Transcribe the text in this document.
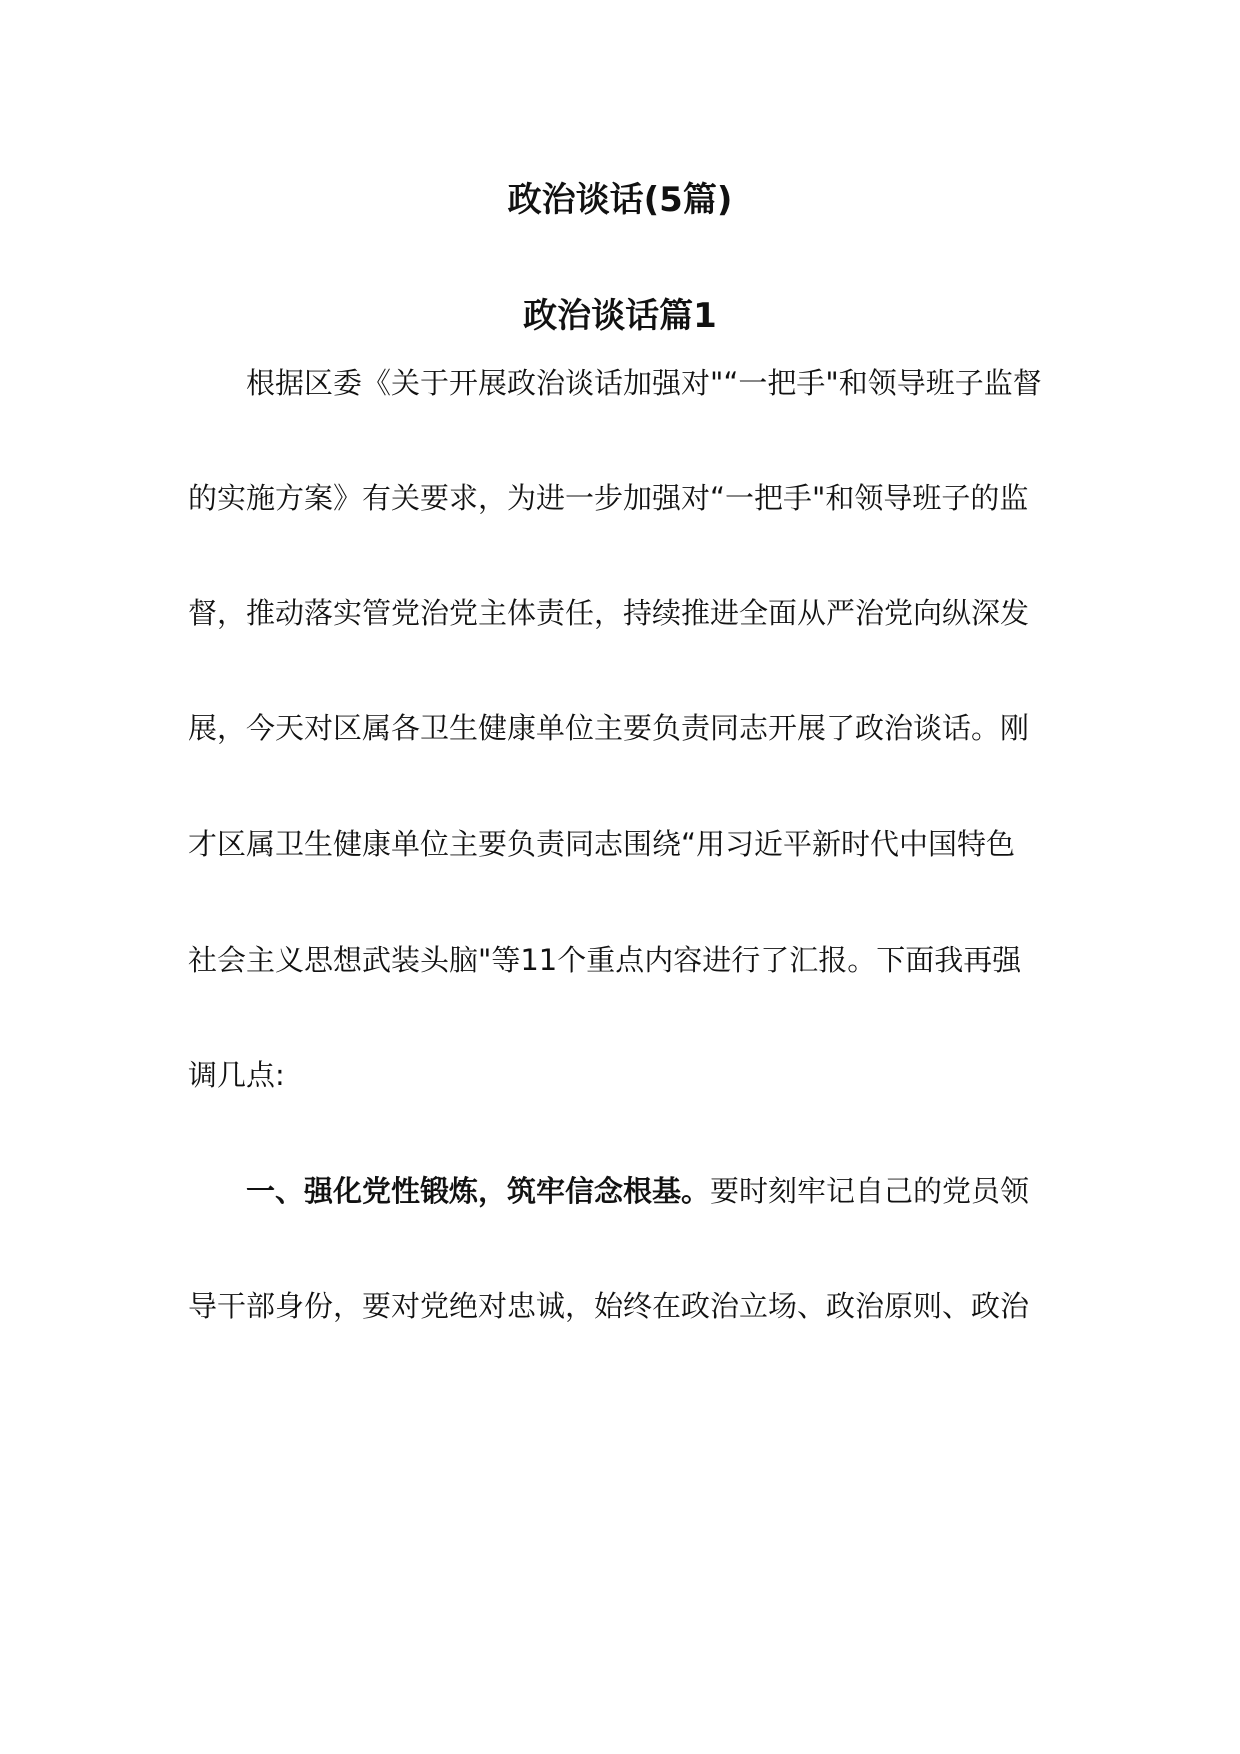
政治谈话(5篇)
政治谈话篇1

根据区委《关于开展政治谈话加强对"“一把手"和领导班子监督

的实施方案》有关要求，为进一步加强对“一把手"和领导班子的监

督，推动落实管党治党主体责任，持续推进全面从严治党向纵深发

展，今天对区属各卫生健康单位主要负责同志开展了政治谈话。刚

才区属卫生健康单位主要负责同志围绕“用习近平新时代中国特色

社会主义思想武装头脑"等11个重点内容进行了汇报。下面我再强

调几点:

一、强化党性锻炼，筑牢信念根基。要时刻牢记自己的党员领

导干部身份，要对党绝对忠诚，始终在政治立场、政治原则、政治
